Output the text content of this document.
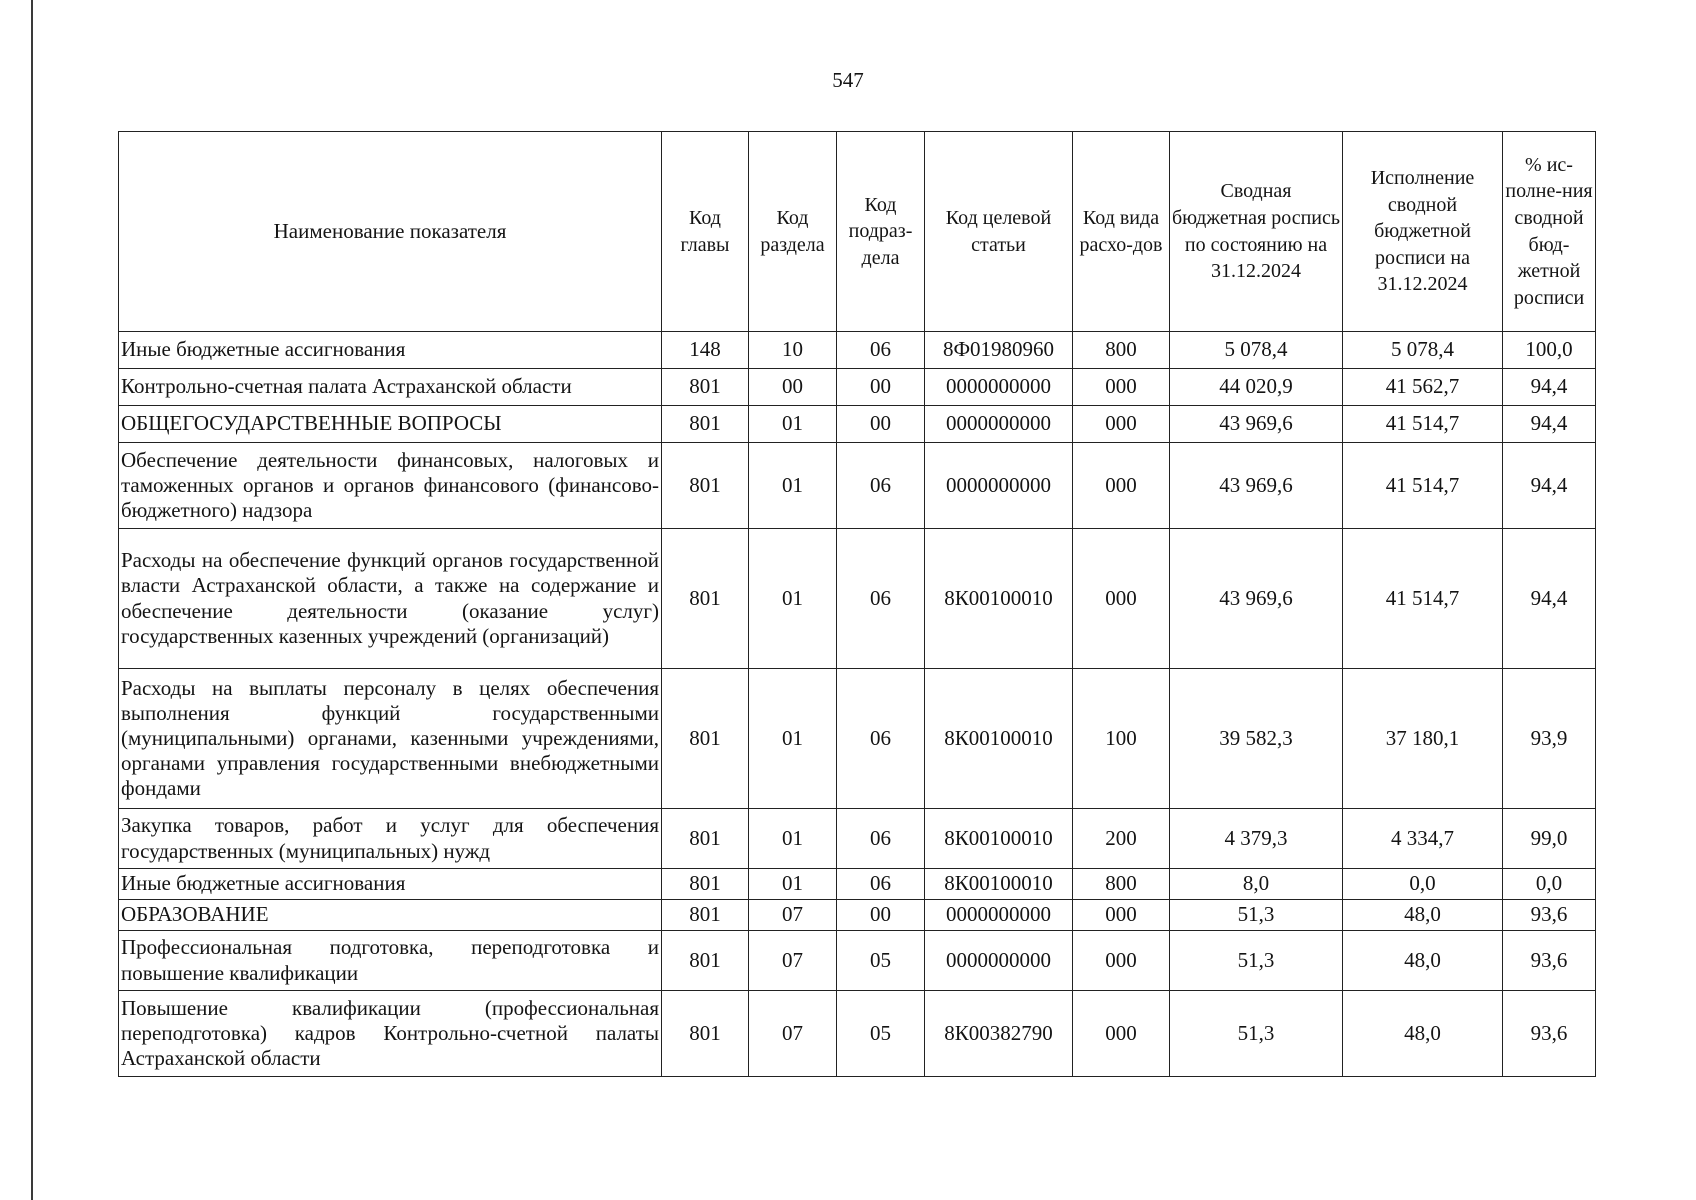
547
Наименование показателя	Код главы	Код раздела	Код подраз-дела	Код целевой статьи	Код вида расхо-дов	Сводная бюджетная роспись по состоянию на 31.12.2024	Исполнение сводной бюджетной росписи на 31.12.2024	% ис-полне-ния сводной бюд-жетной росписи
Иные бюджетные ассигнования	148	10	06	8Ф01980960	800	5 078,4	5 078,4	100,0
Контрольно-счетная палата Астраханской области	801	00	00	0000000000	000	44 020,9	41 562,7	94,4
ОБЩЕГОСУДАРСТВЕННЫЕ ВОПРОСЫ	801	01	00	0000000000	000	43 969,6	41 514,7	94,4
Обеспечение деятельности финансовых, налоговых и таможенных органов и органов финансового (финансово-бюджетного) надзора	801	01	06	0000000000	000	43 969,6	41 514,7	94,4
Расходы на обеспечение функций органов государственной власти Астраханской области, а также на содержание и обеспечение деятельности (оказание услуг) государственных казенных учреждений (организаций)	801	01	06	8К00100010	000	43 969,6	41 514,7	94,4
Расходы на выплаты персоналу в целях обеспечения выполнения функций государственными (муниципальными) органами, казенными учреждениями, органами управления государственными внебюджетными фондами	801	01	06	8К00100010	100	39 582,3	37 180,1	93,9
Закупка товаров, работ и услуг для обеспечения государственных (муниципальных) нужд	801	01	06	8К00100010	200	4 379,3	4 334,7	99,0
Иные бюджетные ассигнования	801	01	06	8К00100010	800	8,0	0,0	0,0
ОБРАЗОВАНИЕ	801	07	00	0000000000	000	51,3	48,0	93,6
Профессиональная подготовка, переподготовка и повышение квалификации	801	07	05	0000000000	000	51,3	48,0	93,6
Повышение квалификации (профессиональная переподготовка) кадров Контрольно-счетной палаты Астраханской области	801	07	05	8К00382790	000	51,3	48,0	93,6
